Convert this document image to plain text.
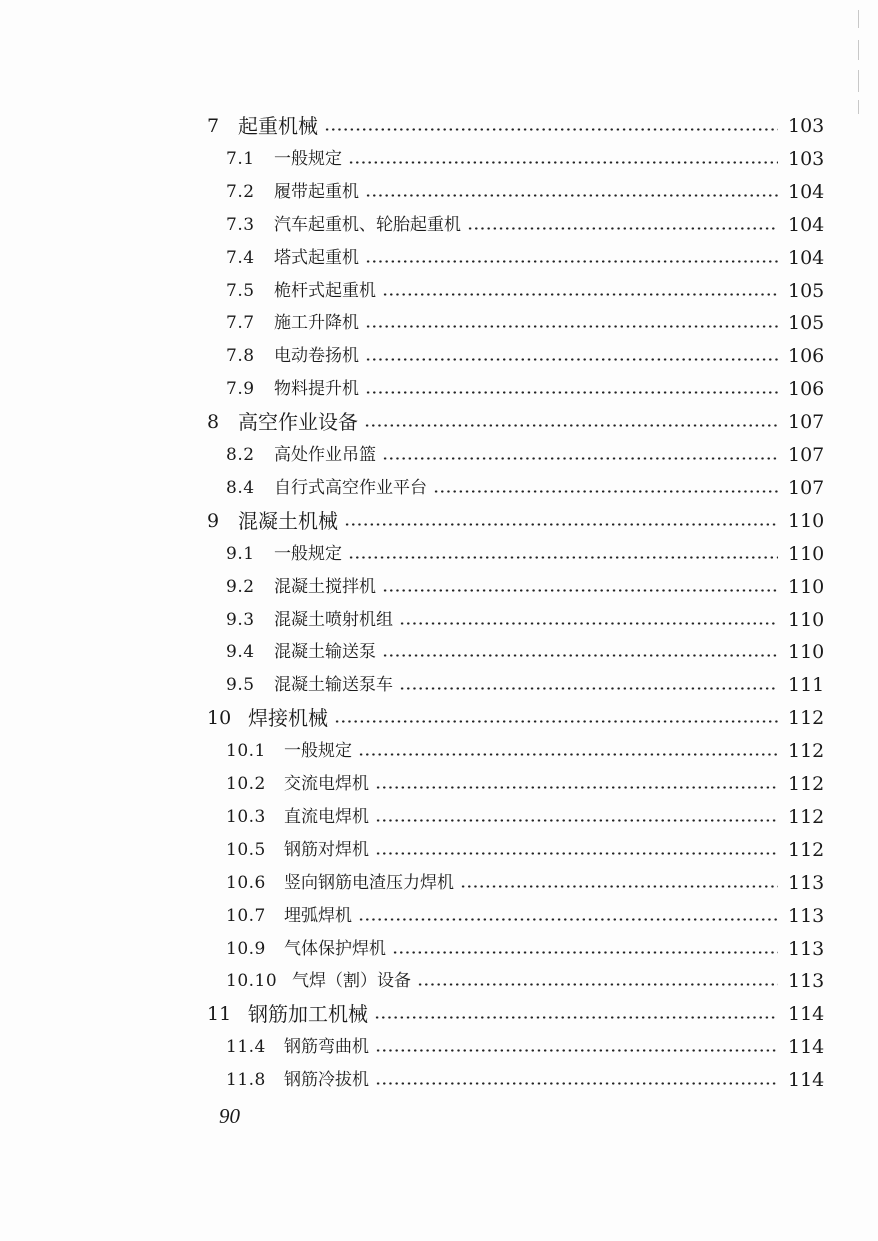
7 起重机械	103
7.1 一般规定	103
7.2 履带起重机	104
7.3 汽车起重机、轮胎起重机	104
7.4 塔式起重机	104
7.5 桅杆式起重机	105
7.7 施工升降机	105
7.8 电动卷扬机	106
7.9 物料提升机	106
8 高空作业设备	107
8.2 高处作业吊篮	107
8.4 自行式高空作业平台	107
9 混凝土机械	110
9.1 一般规定	110
9.2 混凝土搅拌机	110
9.3 混凝土喷射机组	110
9.4 混凝土输送泵	110
9.5 混凝土输送泵车	111
10 焊接机械	112
10.1 一般规定	112
10.2 交流电焊机	112
10.3 直流电焊机	112
10.5 钢筋对焊机	112
10.6 竖向钢筋电渣压力焊机	113
10.7 埋弧焊机	113
10.9 气体保护焊机	113
10.10 气焊（割）设备	113
11 钢筋加工机械	114
11.4 钢筋弯曲机	114
11.8 钢筋冷拔机	114
90
